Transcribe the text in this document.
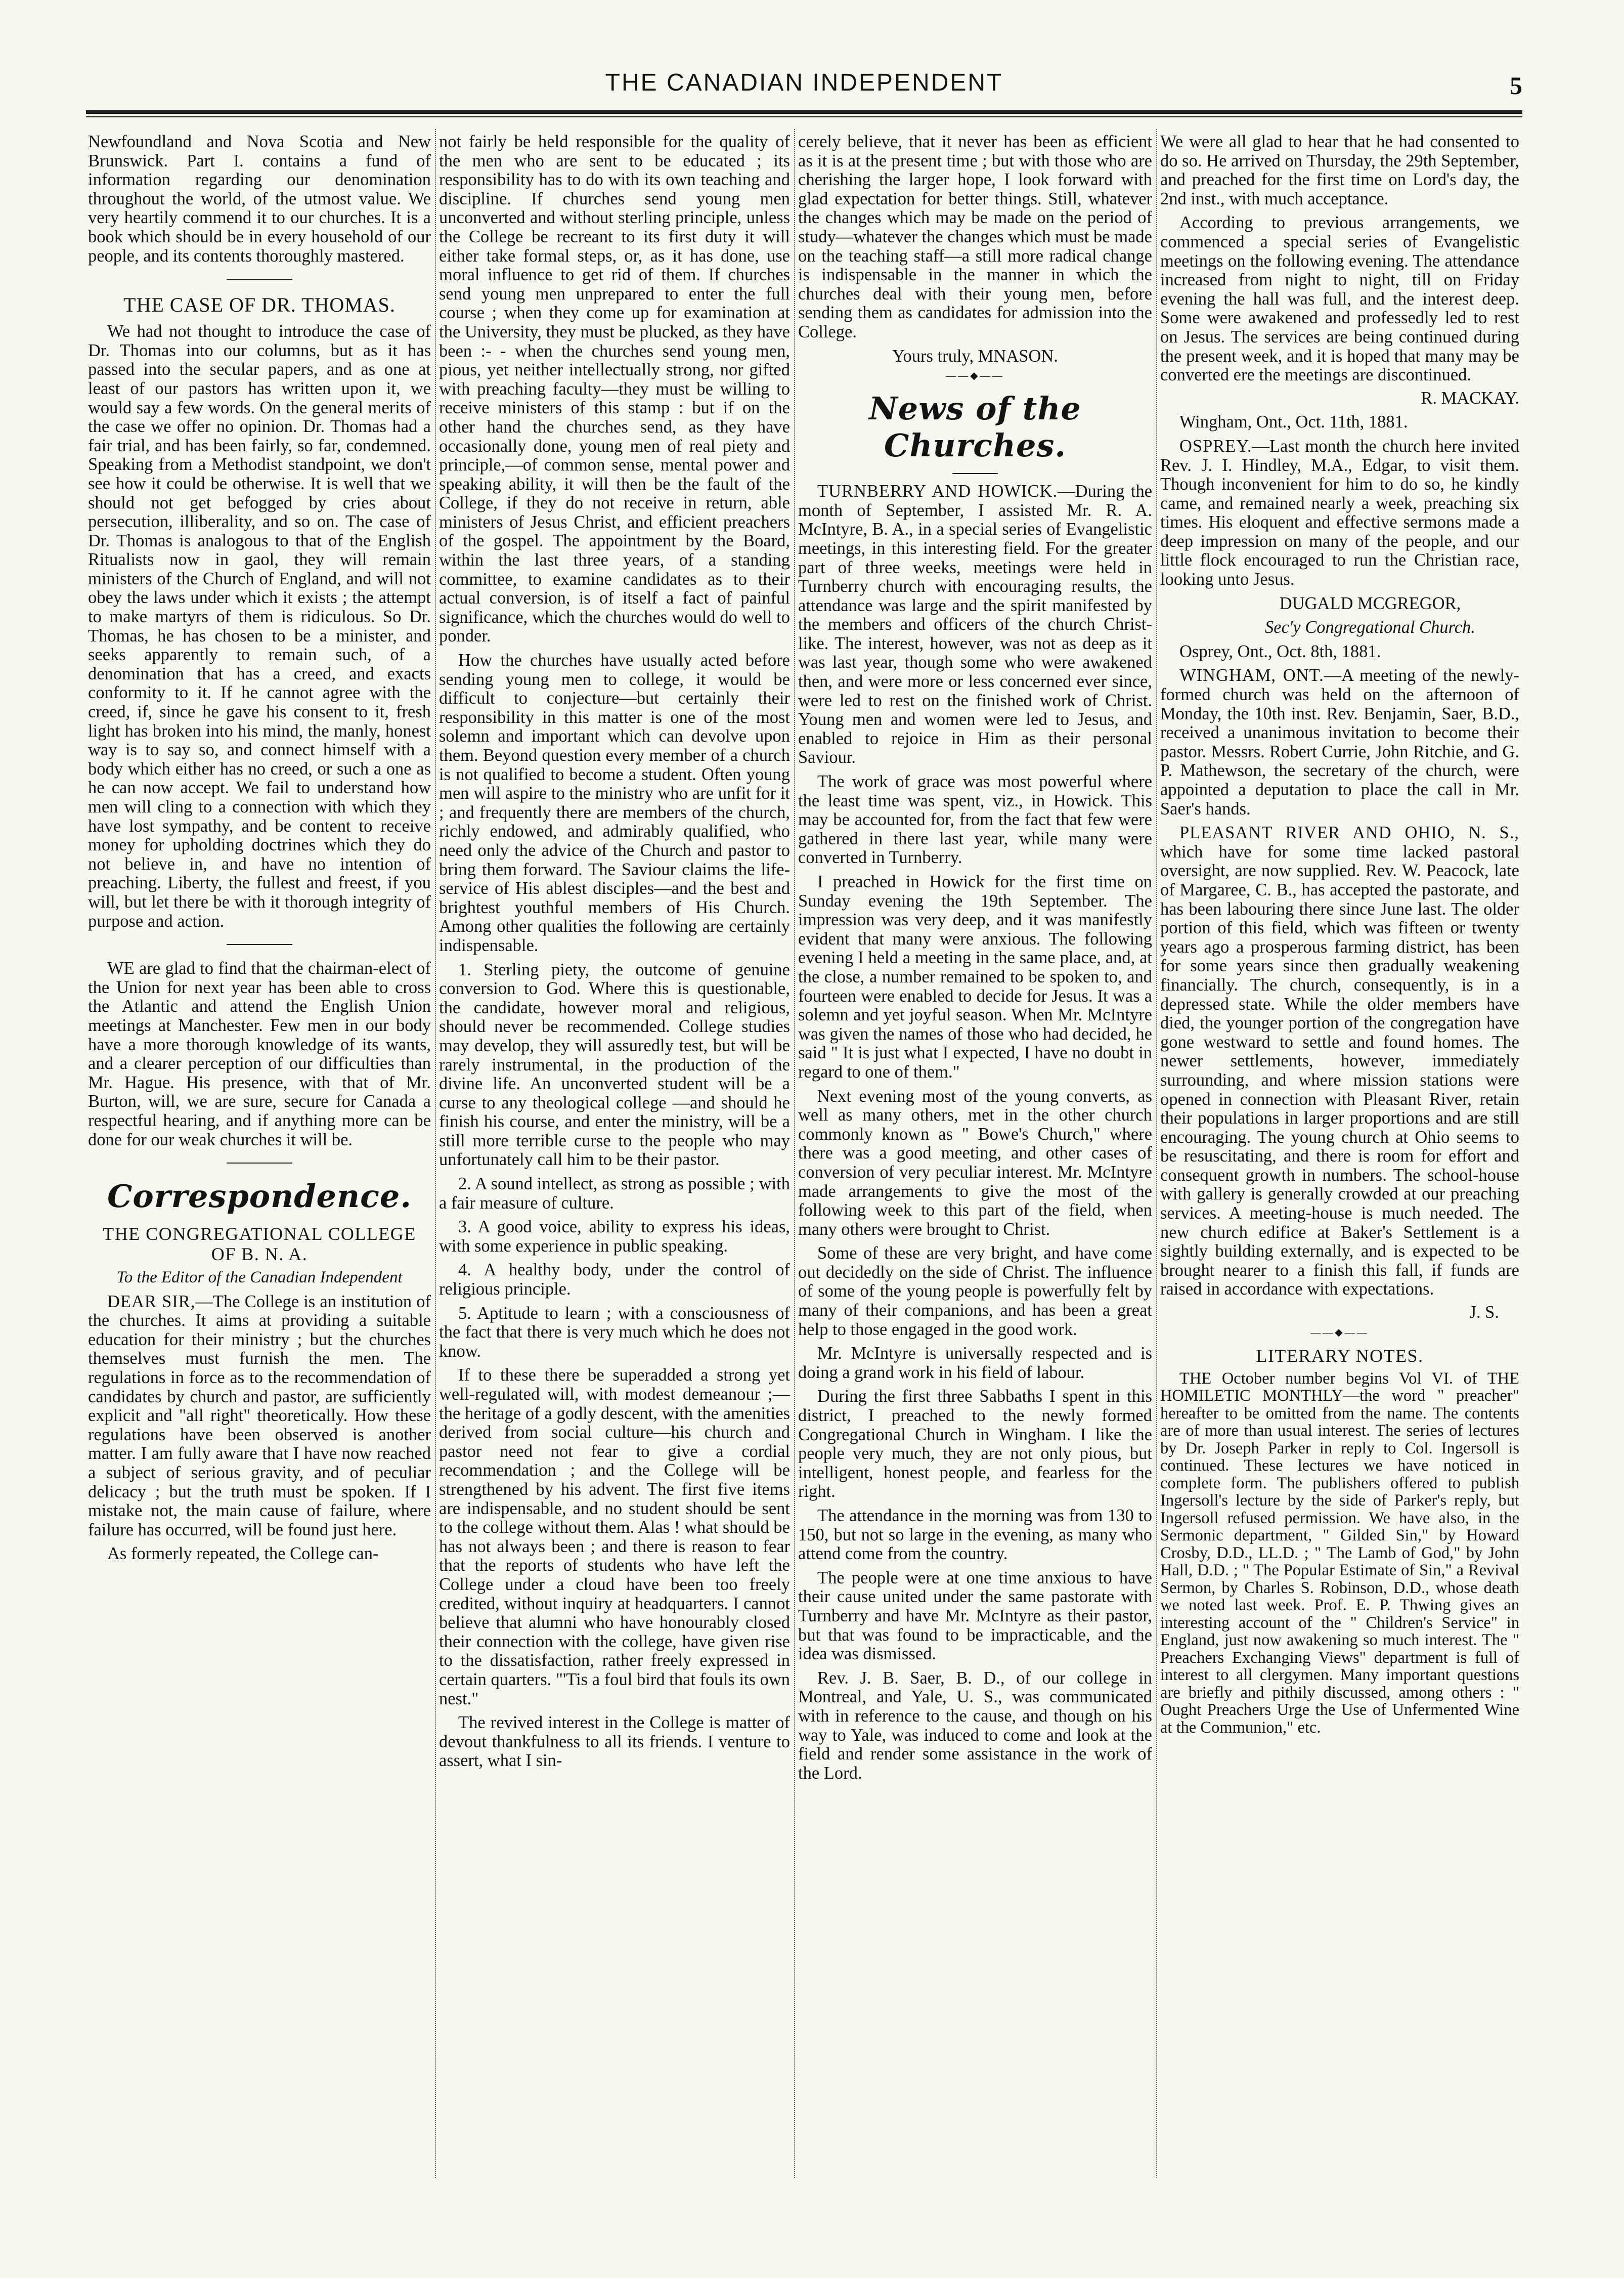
THE CANADIAN INDEPENDENT	5

Newfoundland and Nova Scotia and New Brunswick. Part I. contains a fund of information regarding our denomination throughout the world, of the utmost value. We very heartily commend it to our churches. It is a book which should be in every household of our people, and its contents thoroughly mastered.

THE CASE OF DR. THOMAS.

We had not thought to introduce the case of Dr. Thomas into our columns, but as it has passed into the secular papers, and as one at least of our pastors has written upon it, we would say a few words. On the general merits of the case we offer no opinion. Dr. Thomas had a fair trial, and has been fairly, so far, condemned. Speaking from a Methodist standpoint, we don't see how it could be otherwise. It is well that we should not get befogged by cries about persecution, illiberality, and so on. The case of Dr. Thomas is analogous to that of the English Ritualists now in gaol, they will remain ministers of the Church of England, and will not obey the laws under which it exists ; the attempt to make martyrs of them is ridiculous. So Dr. Thomas, he has chosen to be a minister, and seeks apparently to remain such, of a denomination that has a creed, and exacts conformity to it. If he cannot agree with the creed, if, since he gave his consent to it, fresh light has broken into his mind, the manly, honest way is to say so, and connect himself with a body which either has no creed, or such a one as he can now accept. We fail to understand how men will cling to a connection with which they have lost sympathy, and be content to receive money for upholding doctrines which they do not believe in, and have no intention of preaching. Liberty, the fullest and freest, if you will, but let there be with it thorough integrity of purpose and action.

WE are glad to find that the chairman-elect of the Union for next year has been able to cross the Atlantic and attend the English Union meetings at Manchester. Few men in our body have a more thorough knowledge of its wants, and a clearer perception of our difficulties than Mr. Hague. His presence, with that of Mr. Burton, will, we are sure, secure for Canada a respectful hearing, and if anything more can be done for our weak churches it will be.

Correspondence.
THE CONGREGATIONAL COLLEGE OF B. N. A.

To the Editor of the Canadian Independent

DEAR SIR,—The College is an institution of the churches. It aims at providing a suitable education for their ministry ; but the churches themselves must furnish the men. The regulations in force as to the recommendation of candidates by church and pastor, are sufficiently explicit and "all right" theoretically. How these regulations have been observed is another matter. I am fully aware that I have now reached a subject of serious gravity, and of peculiar delicacy ; but the truth must be spoken. If I mistake not, the main cause of failure, where failure has occurred, will be found just here.

As formerly repeated, the College can-

not fairly be held responsible for the quality of the men who are sent to be educated ; its responsibility has to do with its own teaching and discipline. If churches send young men unconverted and without sterling principle, unless the College be recreant to its first duty it will either take formal steps, or, as it has done, use moral influence to get rid of them. If churches send young men unprepared to enter the full course ; when they come up for examination at the University, they must be plucked, as they have been :- - when the churches send young men, pious, yet neither intellectually strong, nor gifted with preaching faculty—they must be willing to receive ministers of this stamp : but if on the other hand the churches send, as they have occasionally done, young men of real piety and principle,—of common sense, mental power and speaking ability, it will then be the fault of the College, if they do not receive in return, able ministers of Jesus Christ, and efficient preachers of the gospel. The appointment by the Board, within the last three years, of a standing committee, to examine candidates as to their actual conversion, is of itself a fact of painful significance, which the churches would do well to ponder.

How the churches have usually acted before sending young men to college, it would be difficult to conjecture—but certainly their responsibility in this matter is one of the most solemn and important which can devolve upon them. Beyond question every member of a church is not qualified to become a student. Often young men will aspire to the ministry who are unfit for it ; and frequently there are members of the church, richly endowed, and admirably qualified, who need only the advice of the Church and pastor to bring them forward. The Saviour claims the life-service of His ablest disciples—and the best and brightest youthful members of His Church. Among other qualities the following are certainly indispensable.

1. Sterling piety, the outcome of genuine conversion to God. Where this is questionable, the candidate, however moral and religious, should never be recommended. College studies may develop, they will assuredly test, but will be rarely instrumental, in the production of the divine life. An unconverted student will be a curse to any theological college —and should he finish his course, and enter the ministry, will be a still more terrible curse to the people who may unfortunately call him to be their pastor.

2. A sound intellect, as strong as possible ; with a fair measure of culture.

3. A good voice, ability to express his ideas, with some experience in public speaking.

4. A healthy body, under the control of religious principle.

5. Aptitude to learn ; with a consciousness of the fact that there is very much which he does not know.

If to these there be superadded a strong yet well-regulated will, with modest demeanour ;—the heritage of a godly descent, with the amenities derived from social culture—his church and pastor need not fear to give a cordial recommendation ; and the College will be strengthened by his advent. The first five items are indispensable, and no student should be sent to the college without them. Alas ! what should be has not always been ; and there is reason to fear that the reports of students who have left the College under a cloud have been too freely credited, without inquiry at headquarters. I cannot believe that alumni who have honourably closed their connection with the college, have given rise to the dissatisfaction, rather freely expressed in certain quarters. "'Tis a foul bird that fouls its own nest."

The revived interest in the College is matter of devout thankfulness to all its friends. I venture to assert, what I sin-

cerely believe, that it never has been as efficient as it is at the present time ; but with those who are cherishing the larger hope, I look forward with glad expectation for better things. Still, whatever the changes which may be made on the period of study—whatever the changes which must be made on the teaching staff—a still more radical change is indispensable in the manner in which the churches deal with their young men, before sending them as candidates for admission into the College.

Yours truly, MNASON.

——◆——
News of the Churches.

TURNBERRY AND HOWICK.—During the month of September, I assisted Mr. R. A. McIntyre, B. A., in a special series of Evangelistic meetings, in this interesting field. For the greater part of three weeks, meetings were held in Turnberry church with encouraging results, the attendance was large and the spirit manifested by the members and officers of the church Christ-like. The interest, however, was not as deep as it was last year, though some who were awakened then, and were more or less concerned ever since, were led to rest on the finished work of Christ. Young men and women were led to Jesus, and enabled to rejoice in Him as their personal Saviour.

The work of grace was most powerful where the least time was spent, viz., in Howick. This may be accounted for, from the fact that few were gathered in there last year, while many were converted in Turnberry.

I preached in Howick for the first time on Sunday evening the 19th September. The impression was very deep, and it was manifestly evident that many were anxious. The following evening I held a meeting in the same place, and, at the close, a number remained to be spoken to, and fourteen were enabled to decide for Jesus. It was a solemn and yet joyful season. When Mr. McIntyre was given the names of those who had decided, he said " It is just what I expected, I have no doubt in regard to one of them."

Next evening most of the young converts, as well as many others, met in the other church commonly known as " Bowe's Church," where there was a good meeting, and other cases of conversion of very peculiar interest. Mr. McIntyre made arrangements to give the most of the following week to this part of the field, when many others were brought to Christ.

Some of these are very bright, and have come out decidedly on the side of Christ. The influence of some of the young people is powerfully felt by many of their companions, and has been a great help to those engaged in the good work.

Mr. McIntyre is universally respected and is doing a grand work in his field of labour.

During the first three Sabbaths I spent in this district, I preached to the newly formed Congregational Church in Wingham. I like the people very much, they are not only pious, but intelligent, honest people, and fearless for the right.

The attendance in the morning was from 130 to 150, but not so large in the evening, as many who attend come from the country.

The people were at one time anxious to have their cause united under the same pastorate with Turnberry and have Mr. McIntyre as their pastor, but that was found to be impracticable, and the idea was dismissed.

Rev. J. B. Saer, B. D., of our college in Montreal, and Yale, U. S., was communicated with in reference to the cause, and though on his way to Yale, was induced to come and look at the field and render some assistance in the work of the Lord.

We were all glad to hear that he had consented to do so. He arrived on Thursday, the 29th September, and preached for the first time on Lord's day, the 2nd inst., with much acceptance.

According to previous arrangements, we commenced a special series of Evangelistic meetings on the following evening. The attendance increased from night to night, till on Friday evening the hall was full, and the interest deep. Some were awakened and professedly led to rest on Jesus. The services are being continued during the present week, and it is hoped that many may be converted ere the meetings are discontinued.

R. MACKAY.

Wingham, Ont., Oct. 11th, 1881.

OSPREY.—Last month the church here invited Rev. J. I. Hindley, M.A., Edgar, to visit them. Though inconvenient for him to do so, he kindly came, and remained nearly a week, preaching six times. His eloquent and effective sermons made a deep impression on many of the people, and our little flock encouraged to run the Christian race, looking unto Jesus.

DUGALD MCGREGOR,

Sec'y Congregational Church.

Osprey, Ont., Oct. 8th, 1881.

WINGHAM, ONT.—A meeting of the newly-formed church was held on the afternoon of Monday, the 10th inst. Rev. Benjamin, Saer, B.D., received a unanimous invitation to become their pastor. Messrs. Robert Currie, John Ritchie, and G. P. Mathewson, the secretary of the church, were appointed a deputation to place the call in Mr. Saer's hands.

PLEASANT RIVER AND OHIO, N. S., which have for some time lacked pastoral oversight, are now supplied. Rev. W. Peacock, late of Margaree, C. B., has accepted the pastorate, and has been labouring there since June last. The older portion of this field, which was fifteen or twenty years ago a prosperous farming district, has been for some years since then gradually weakening financially. The church, consequently, is in a depressed state. While the older members have died, the younger portion of the congregation have gone westward to settle and found homes. The newer settlements, however, immediately surrounding, and where mission stations were opened in connection with Pleasant River, retain their populations in larger proportions and are still encouraging. The young church at Ohio seems to be resuscitating, and there is room for effort and consequent growth in numbers. The school-house with gallery is generally crowded at our preaching services. A meeting-house is much needed. The new church edifice at Baker's Settlement is a sightly building externally, and is expected to be brought nearer to a finish this fall, if funds are raised in accordance with expectations.

J. S.

——◆——
LITERARY NOTES.

THE October number begins Vol VI. of THE HOMILETIC MONTHLY—the word " preacher" hereafter to be omitted from the name. The contents are of more than usual interest. The series of lectures by Dr. Joseph Parker in reply to Col. Ingersoll is continued. These lectures we have noticed in complete form. The publishers offered to publish Ingersoll's lecture by the side of Parker's reply, but Ingersoll refused permission. We have also, in the Sermonic department, " Gilded Sin," by Howard Crosby, D.D., LL.D. ; " The Lamb of God," by John Hall, D.D. ; " The Popular Estimate of Sin," a Revival Sermon, by Charles S. Robinson, D.D., whose death we noted last week. Prof. E. P. Thwing gives an interesting account of the " Children's Service" in England, just now awakening so much interest. The " Preachers Exchanging Views" department is full of interest to all clergymen. Many important questions are briefly and pithily discussed, among others : " Ought Preachers Urge the Use of Unfermented Wine at the Communion," etc.
